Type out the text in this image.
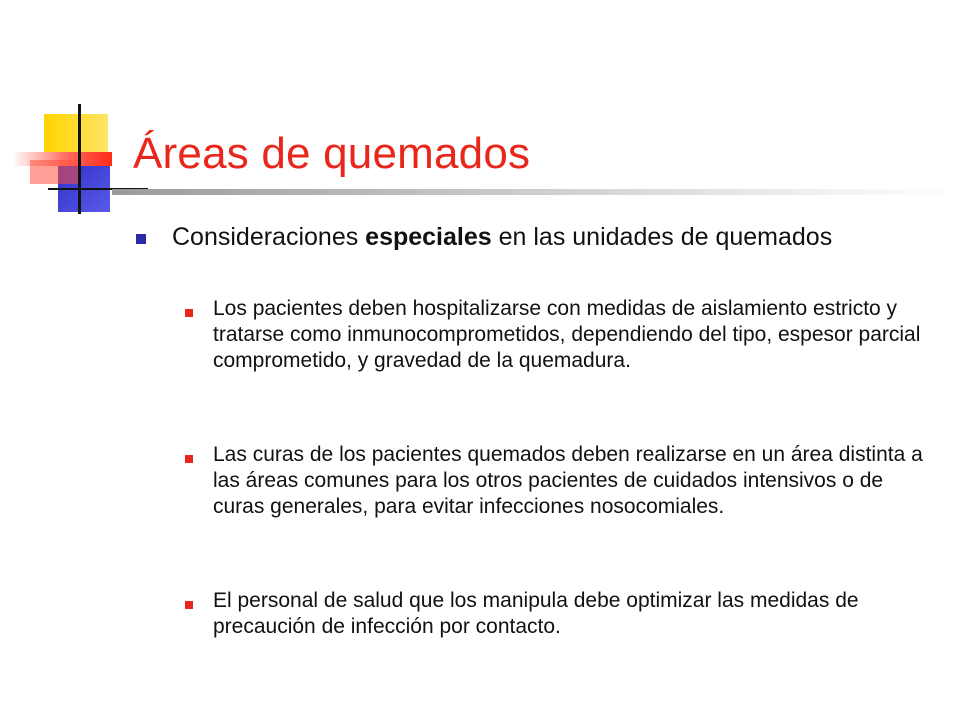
Áreas de quemados

Consideraciones especiales en las unidades de quemados

Los pacientes deben hospitalizarse con medidas de aislamiento estricto y tratarse como inmunocomprometidos, dependiendo del tipo, espesor parcial comprometido, y gravedad de la quemadura.

Las curas de los pacientes quemados deben realizarse en un área distinta a las áreas comunes para los otros pacientes de cuidados intensivos o de curas generales, para evitar infecciones nosocomiales.

El personal de salud que los manipula debe optimizar las medidas de precaución de infección por contacto.
